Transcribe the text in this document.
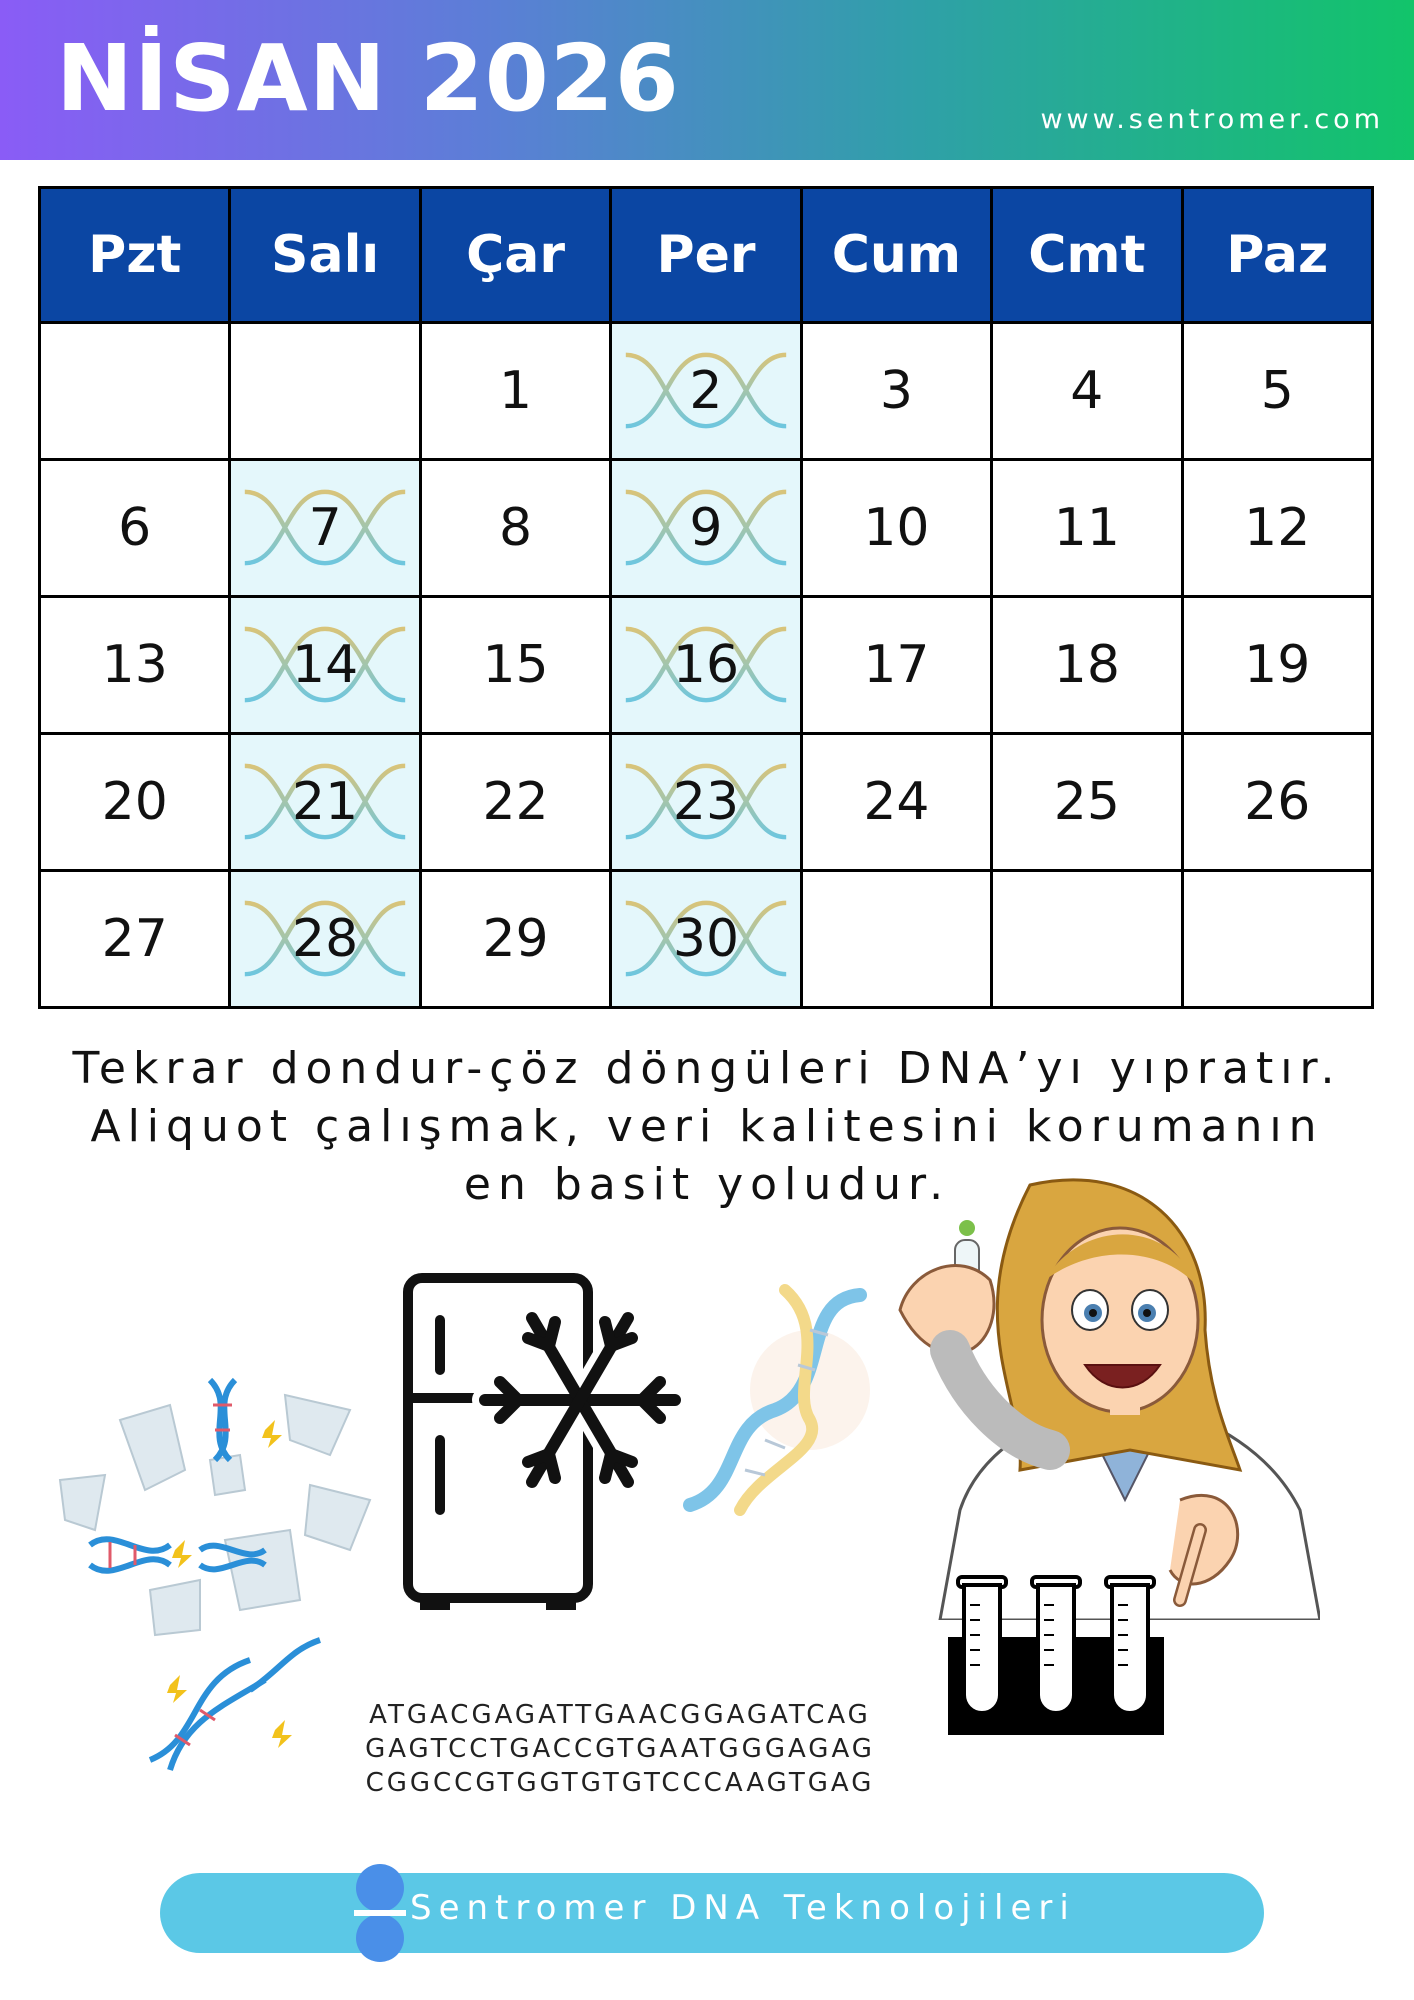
NİSAN 2026	www.sentromer.com
Pzt	Salı	Çar	Per	Cum	Cmt	Paz
		1	2	3	4	5
6	7	8	9	10	11	12
13	14	15	16	17	18	19
20	21	22	23	24	25	26
27	28	29	30			

Tekrar dondur-çöz döngüleri DNA’yı yıpratır.
Aliquot çalışmak, veri kalitesini korumanın
en basit yoludur.

ATGACGAGATTGAACGGAGATCAG
GAGTCCTGACCGTGAATGGGAGAG
CGGCCGTGGTGTGTCCCAAGTGAG
Sentromer DNA Teknolojileri
